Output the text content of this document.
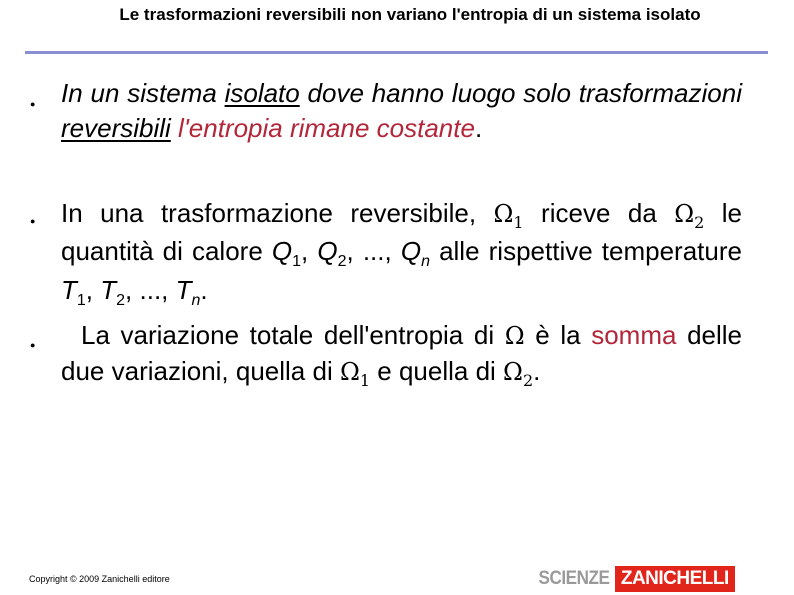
Le trasformazioni reversibili non variano l'entropia di un sistema isolato
● In un sistema isolato dove hanno luogo solo trasformazioni reversibili l'entropia rimane costante.

● In una trasformazione reversibile, $\Omega_1$ riceve da $\Omega_2$ le quantità di calore $Q_1$, $Q_2$, ..., $Q_n$ alle rispettive temperature $T_1$, $T_2$, ..., $T_n$.

●	La variazione totale dell'entropia di Ω è la somma delle due variazioni, quella di $\Omega_1$ e quella di $\Omega_2$.

Copyright © 2009 Zanichelli editore	SCIENZE ZANICHELLI
